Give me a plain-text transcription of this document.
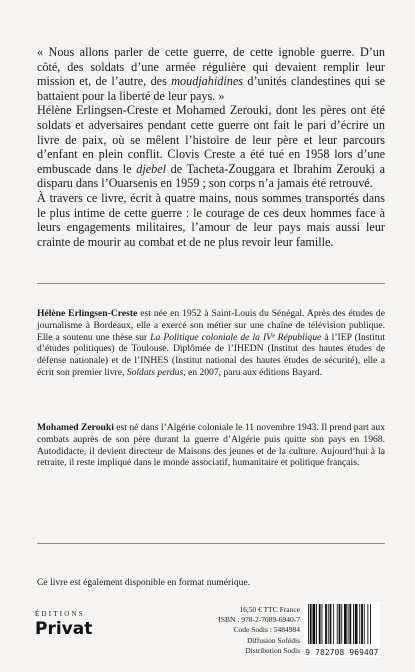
« Nous allons parler de cette guerre, de cette ignoble guerre. D’un côté, des soldats d’une armée régulière qui devaient remplir leur mission et, de l’autre, des moudjahidines d’unités clandestines qui se battaient pour la liberté de leur pays. »

Hélène Erlingsen-Creste et Mohamed Zerouki, dont les pères ont été soldats et adversaires pendant cette guerre ont fait le pari d’écrire un livre de paix, où se mêlent l’histoire de leur père et leur parcours d’enfant en plein conflit. Clovis Creste a été tué en 1958 lors d’une embuscade dans le djebel de Tacheta-Zouggara et Ibrahim Zerouki a disparu dans l’Ouarsenis en 1959 ; son corps n’a jamais été retrouvé.

À travers ce livre, écrit à quatre mains, nous sommes transportés dans le plus intime de cette guerre : le courage de ces deux hommes face à leurs engagements militaires, l’amour de leur pays mais aussi leur crainte de mourir au combat et de ne plus revoir leur famille.

Hélène Erlingsen-Creste est née en 1952 à Saint-Louis du Sénégal. Après des études de journalisme à Bordeaux, elle a exercé son métier sur une chaîne de télévision publique. Elle a soutenu une thèse sur La Politique coloniale de la IVᵉ République à l’IEP (Institut d’études politiques) de Toulouse. Diplômée de l’IHEDN (Institut des hautes études de défense nationale) et de l’INHES (Institut national des hautes études de sécurité), elle a écrit son premier livre, Soldats perdus, en 2007, paru aux éditions Bayard.
Mohamed Zerouki est né dans l’Algérie coloniale le 11 novembre 1943. Il prend part aux combats auprès de son père durant la guerre d’Algérie puis quitte son pays en 1968. Autodidacte, il devient directeur de Maisons des jeunes et de la culture. Aujourd’hui à la retraite, il reste impliqué dans le monde associatif, humanitaire et politique français.
Ce livre est également disponible en format numérique.
ÉDITIONS
Privat
16,50 € TTC France
ISBN : 978-2-7089-6940-7
Code Sodis : 5484984
Diffusion Sofédis
Distribution Sodis 9 782708 969407
